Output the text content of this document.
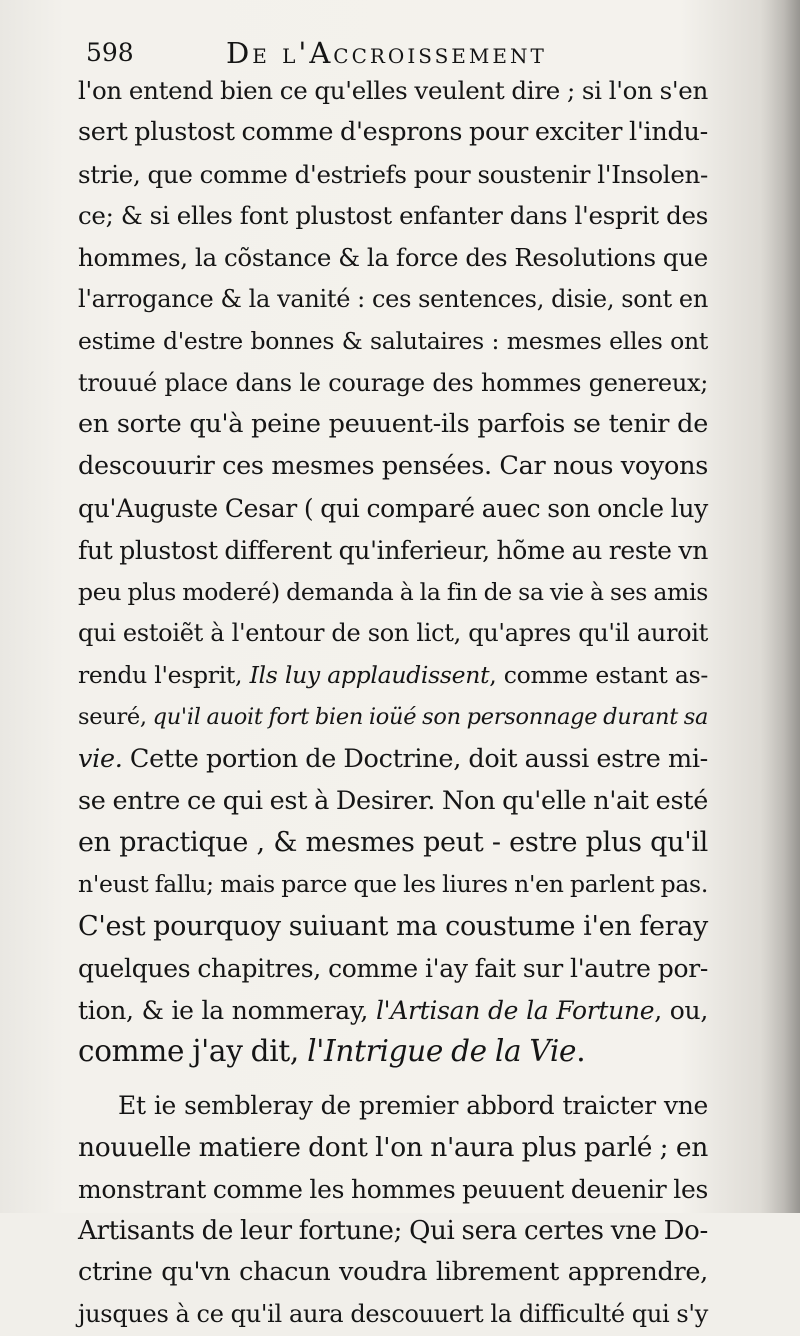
598	De l'Accroissement
l'on entend bien ce qu'elles veulent dire ; si l'on s'en
sert plustost comme d'esprons pour exciter l'indu-
strie, que comme d'estriefs pour soustenir l'Insolen-
ce; & si elles font plustost enfanter dans l'esprit des
hommes, la cõstance & la force des Resolutions que
l'arrogance & la vanité : ces sentences, disie, sont en
estime d'estre bonnes & salutaires : mesmes elles ont
trouué place dans le courage des hommes genereux;
en sorte qu'à peine peuuent-ils parfois se tenir de
descouurir ces mesmes pensées. Car nous voyons
qu'Auguste Cesar ( qui comparé auec son oncle luy
fut plustost different qu'inferieur, hõme au reste vn
peu plus moderé) demanda à la fin de sa vie à ses amis
qui estoiẽt à l'entour de son lict, qu'apres qu'il auroit
rendu l'esprit, Ils luy applaudissent, comme estant as-
seuré, qu'il auoit fort bien ioüé son personnage durant sa
vie. Cette portion de Doctrine, doit aussi estre mi-
se entre ce qui est à Desirer. Non qu'elle n'ait esté
en practique , & mesmes peut - estre plus qu'il
n'eust fallu; mais parce que les liures n'en parlent pas.
C'est pourquoy suiuant ma coustume i'en feray
quelques chapitres, comme i'ay fait sur l'autre por-
tion, & ie la nommeray, l'Artisan de la Fortune, ou,
comme j'ay dit, l'Intrigue de la Vie.
Et ie sembleray de premier abbord traicter vne
nouuelle matiere dont l'on n'aura plus parlé ; en
monstrant comme les hommes peuuent deuenir les
Artisants de leur fortune; Qui sera certes vne Do-
ctrine qu'vn chacun voudra librement apprendre,
jusques à ce qu'il aura descouuert la difficulté qui s'y
